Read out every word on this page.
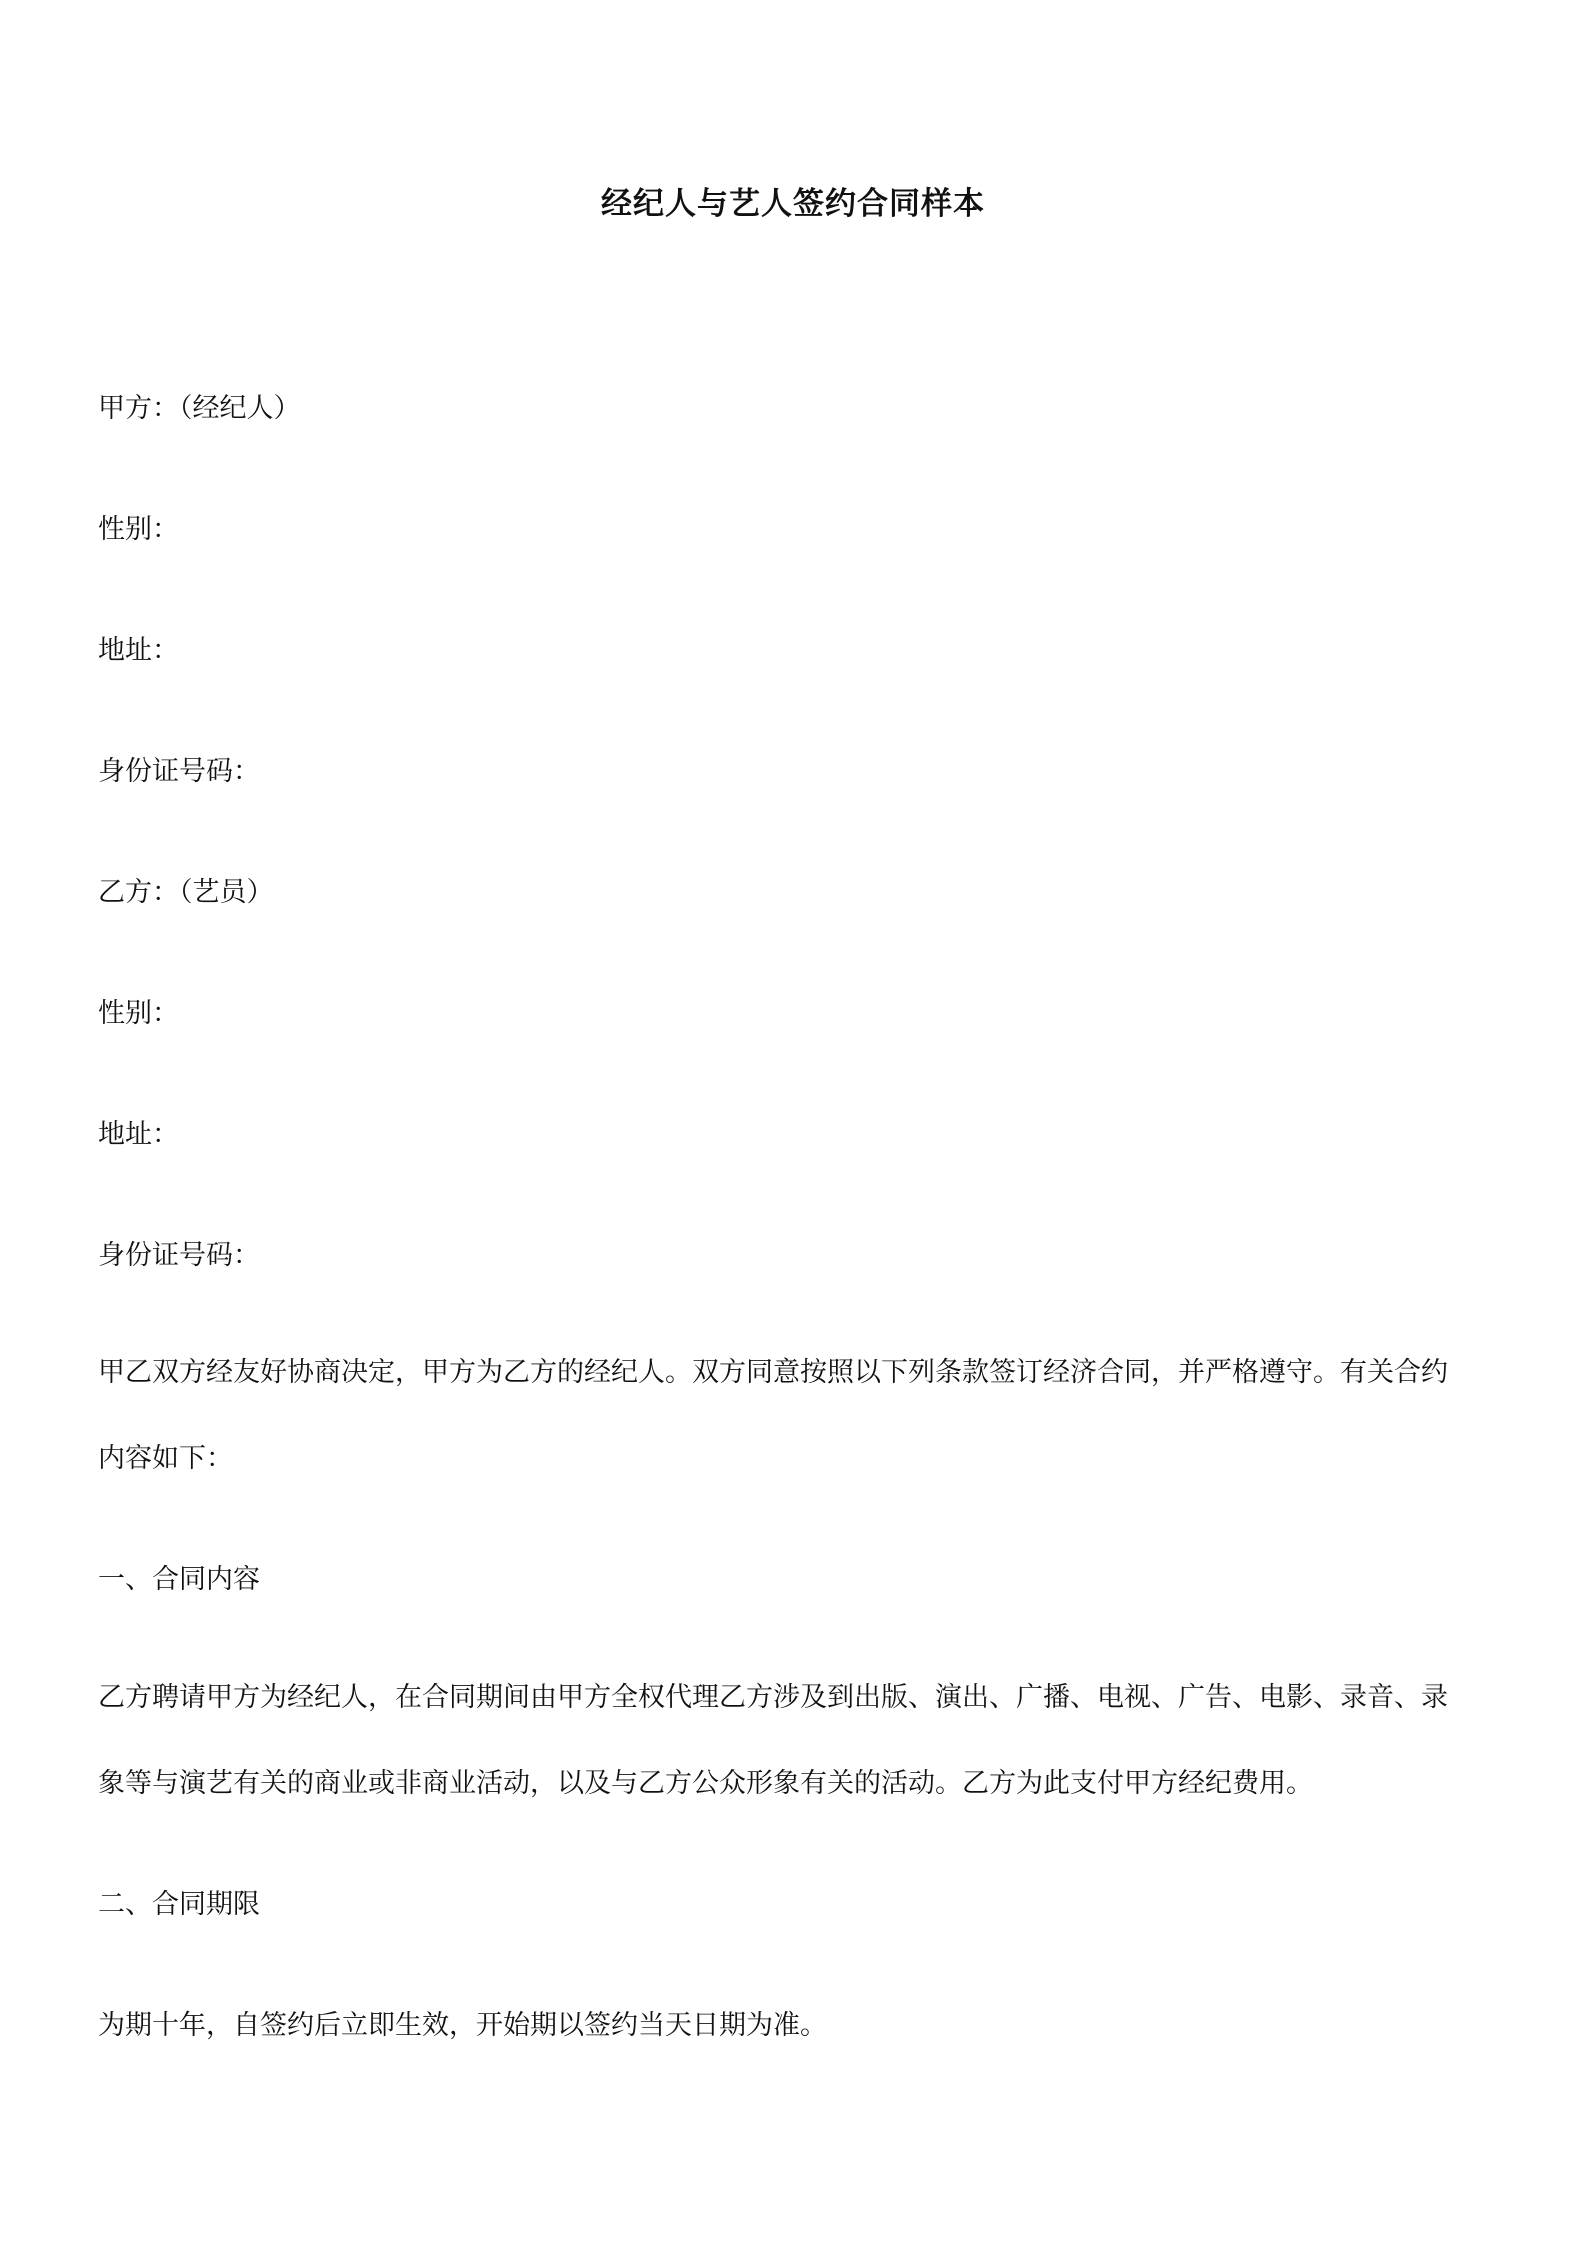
经纪人与艺人签约合同样本

甲方：（经纪人）

性别：

地址：

身份证号码：

乙方：（艺员）

性别：

地址：

身份证号码：

甲乙双方经友好协商决定，甲方为乙方的经纪人。双方同意按照以下列条款签订经济合同，并严格遵守。有关合约
内容如下：

一、合同内容

乙方聘请甲方为经纪人，在合同期间由甲方全权代理乙方涉及到出版、演出、广播、电视、广告、电影、录音、录
象等与演艺有关的商业或非商业活动，以及与乙方公众形象有关的活动。乙方为此支付甲方经纪费用。

二、合同期限

为期十年，自签约后立即生效，开始期以签约当天日期为准。
